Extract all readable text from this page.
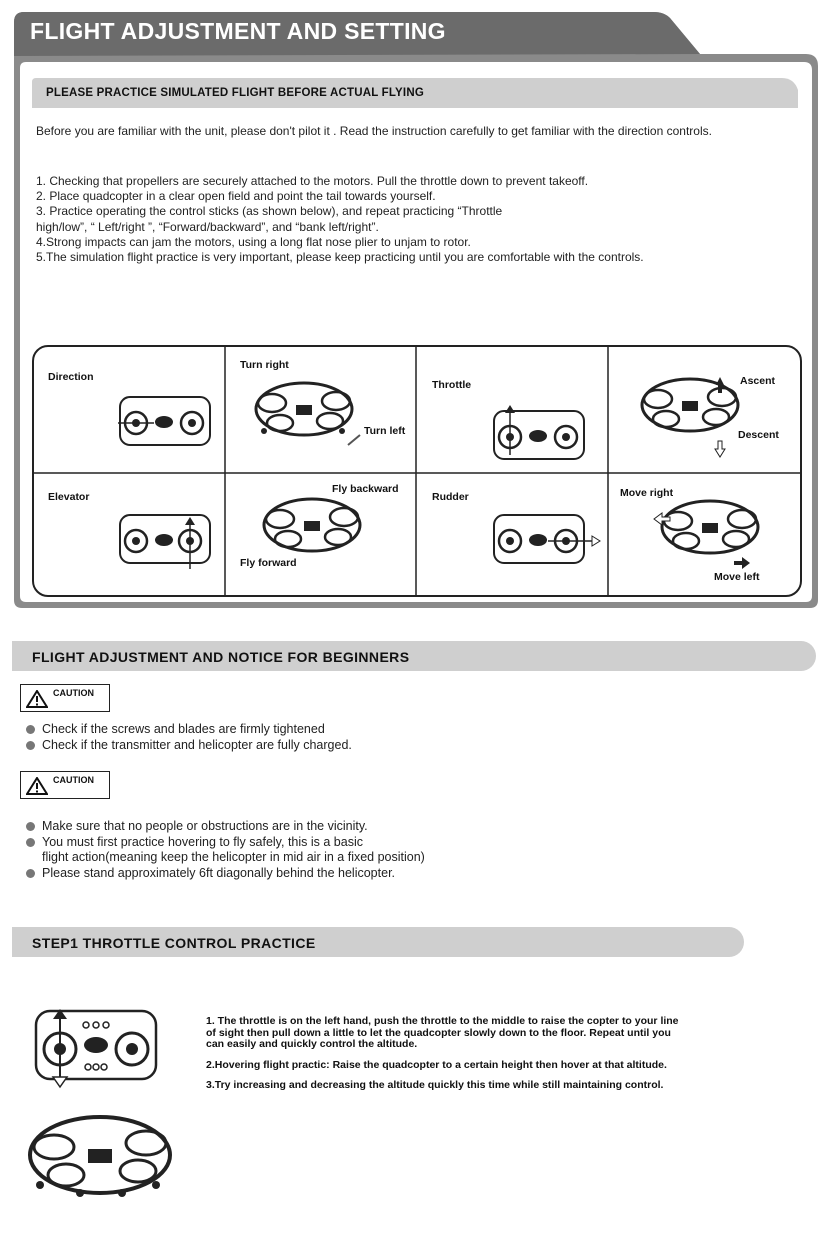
FLIGHT ADJUSTMENT AND SETTING
PLEASE PRACTICE SIMULATED FLIGHT BEFORE ACTUAL FLYING
Before you are familiar with the unit, please don't pilot it . Read the instruction carefully to get familiar with the direction controls.
1. Checking that propellers are securely attached to the motors. Pull the throttle down to prevent takeoff.
2. Place quadcopter in a clear open field and point the tail towards yourself.
3. Practice operating the control sticks (as shown below), and repeat practicing “Throttle
high/low”, “ Left/right ”, “Forward/backward”, and “bank left/right”.
4.Strong impacts can jam the motors, using a long flat nose plier to unjam to rotor.
5.The simulation flight practice is very important, please keep practicing until you are comfortable with the controls.
Direction
Turn right
Turn left
Throttle	Ascent
Descent
Elevator
Fly backward
Fly forward
Rudder	Move right
Move left
FLIGHT ADJUSTMENT AND NOTICE FOR BEGINNERS
CAUTION
Check if the screws and blades are firmly tightened
Check if the transmitter and helicopter are fully charged.
CAUTION
Make sure that no people or obstructions are in the vicinity.
You must first practice hovering to fly safely, this is a basic
flight action(meaning keep the helicopter in mid air in a fixed position)
Please stand approximately 6ft diagonally behind the helicopter.
STEP1 THROTTLE CONTROL PRACTICE

1. The throttle is on the left hand, push the throttle to the middle to raise the copter to your line of sight then pull down a little to let the quadcopter slowly down to the floor. Repeat until you can easily and quickly control the altitude.

2.Hovering flight practic: Raise the quadcopter to a certain height then hover at that altitude.

3.Try increasing and decreasing the altitude quickly this time while still maintaining control.
